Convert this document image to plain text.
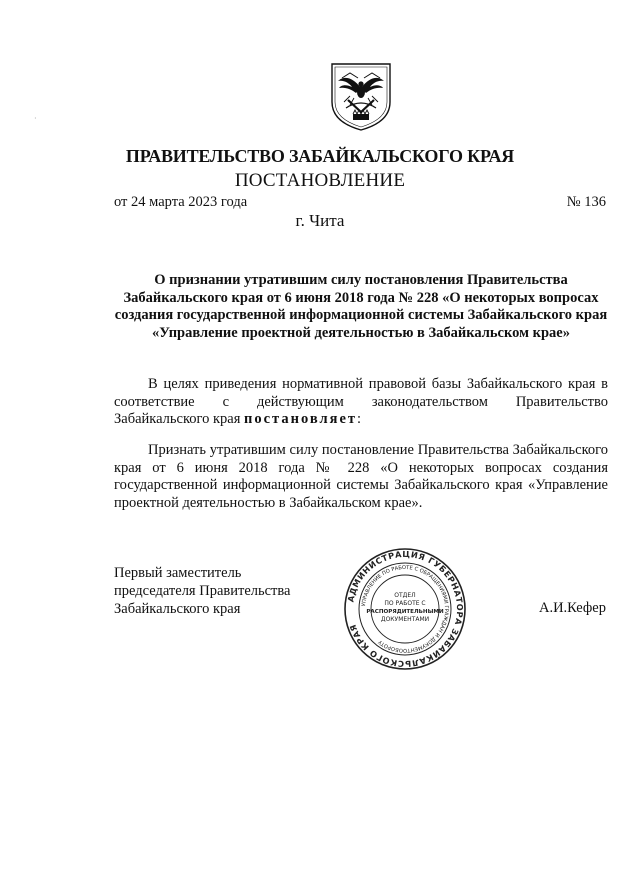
·
ПРАВИТЕЛЬСТВО ЗАБАЙКАЛЬСКОГО КРАЯ
ПОСТАНОВЛЕНИЕ
от 24 марта 2023 года	№ 136
г. Чита
О признании утратившим силу постановления Правительства Забайкальского края от 6 июня 2018 года № 228 «О некоторых вопросах создания государственной информационной системы Забайкальского края «Управление проектной деятельностью в Забайкальском крае»
В целях приведения нормативной правовой базы Забайкальского края в соответствие с действующим законодательством Правительство Забайкальского края постановляет:
Признать утратившим силу постановление Правительства Забайкальского края от 6 июня 2018 года № 228 «О некоторых вопросах создания государственной информационной системы Забайкальского края «Управление проектной деятельностью в Забайкальском крае».
Первый заместитель
председателя Правительства
Забайкальского края	А.И.Кефер
АДМИНИСТРАЦИЯ ГУБЕРНАТОРА ЗАБАЙКАЛЬСКОГО КРАЯ
УПРАВЛЕНИЕ ПО РАБОТЕ С ОБРАЩЕНИЯМИ ГРАЖДАН И ДОКУМЕНТООБОРОТУ
ОТДЕЛ
ПО РАБОТЕ С
РАСПОРЯДИТЕЛЬНЫМИ
ДОКУМЕНТАМИ
